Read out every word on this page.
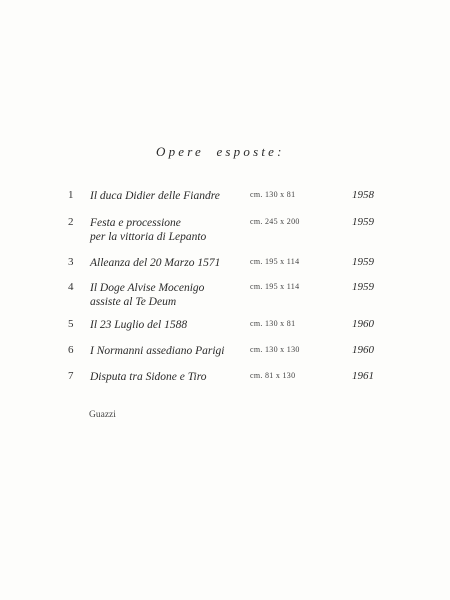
Opere esposte:
1	Il duca Didier delle Fiandre	cm. 130 x 81	1958
2	Festa e processione
per la vittoria di Lepanto
cm. 245 x 200	1959
3	Alleanza del 20 Marzo 1571	cm. 195 x 114	1959
4	Il Doge Alvise Mocenigo
assiste al Te Deum
cm. 195 x 114	1959
5	Il 23 Luglio del 1588	cm. 130 x 81	1960
6	I Normanni assediano Parigi	cm. 130 x 130	1960
7	Disputa tra Sidone e Tiro	cm. 81 x 130	1961
Guazzi
